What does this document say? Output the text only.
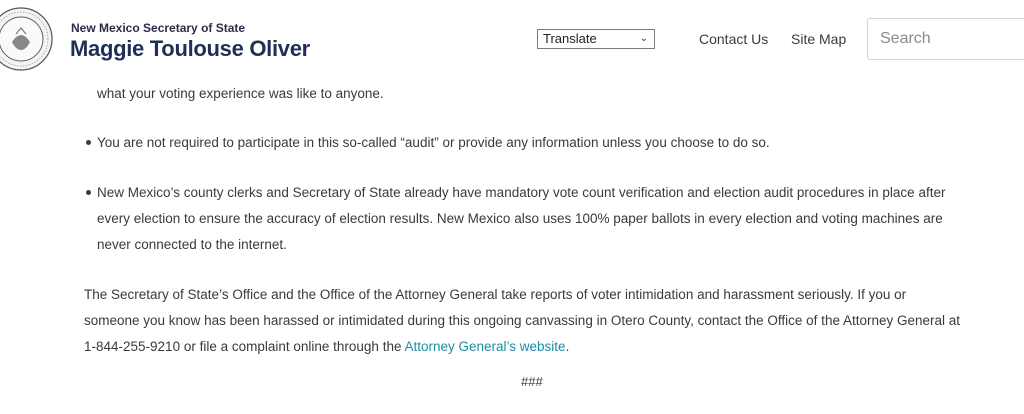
New Mexico Secretary of State
Maggie Toulouse Oliver	Translate	⌄	Contact Us Site Map	Search
what your voting experience was like to anyone.
You are not required to participate in this so-called “audit” or provide any information unless you choose to do so.
New Mexico’s county clerks and Secretary of State already have mandatory vote count verification and election audit procedures in place after
every election to ensure the accuracy of election results. New Mexico also uses 100% paper ballots in every election and voting machines are
never connected to the internet.
The Secretary of State’s Office and the Office of the Attorney General take reports of voter intimidation and harassment seriously. If you or
someone you know has been harassed or intimidated during this ongoing canvassing in Otero County, contact the Office of the Attorney General at
1-844-255-9210 or file a complaint online through the Attorney General’s website.
###
